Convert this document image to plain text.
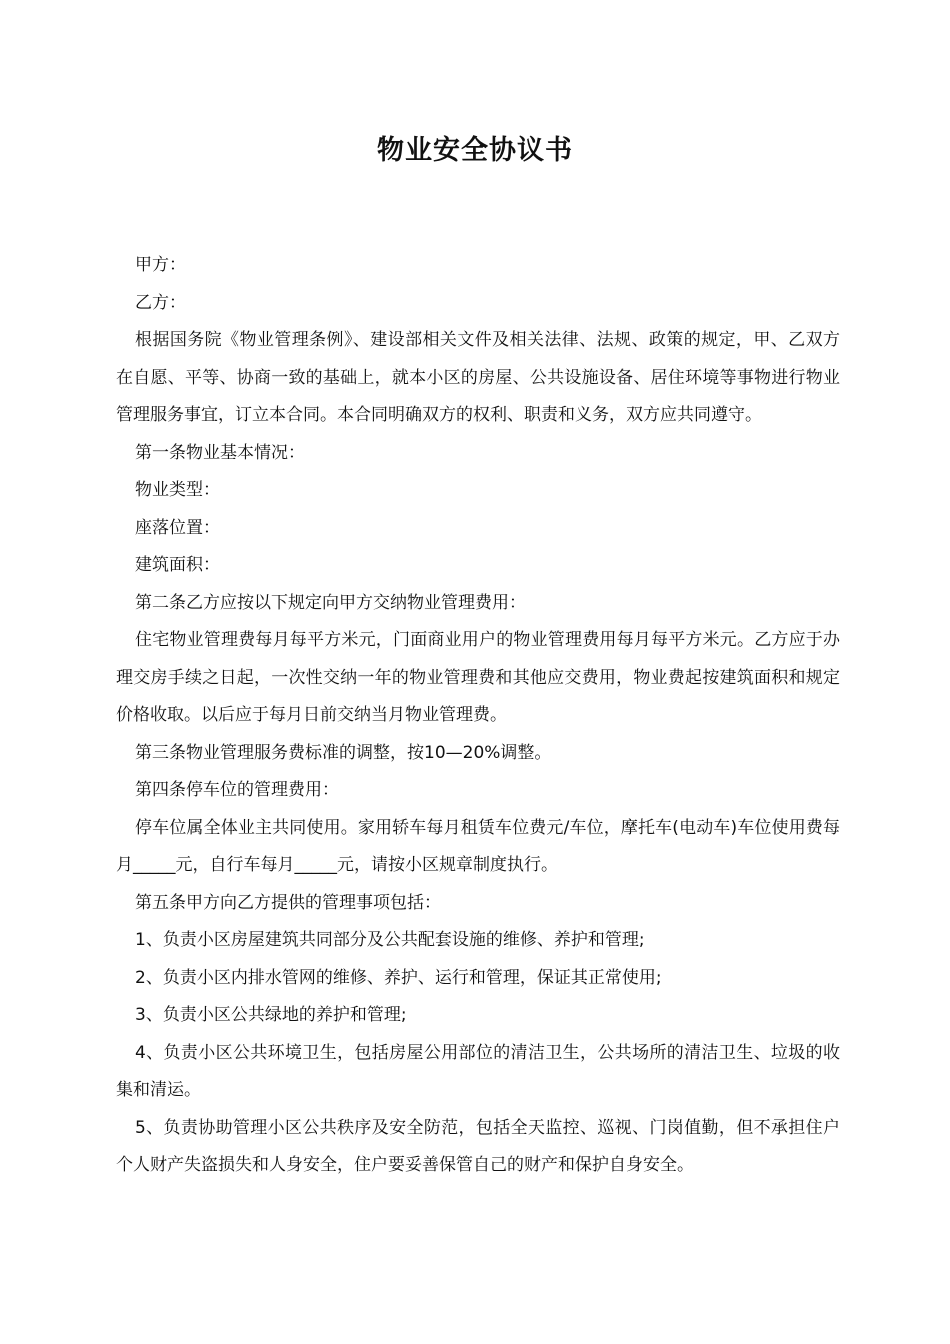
物业安全协议书

甲方：

乙方：

根据国务院《物业管理条例》、建设部相关文件及相关法律、法规、政策的规定，甲、乙双方在自愿、平等、协商一致的基础上，就本小区的房屋、公共设施设备、居住环境等事物进行物业管理服务事宜，订立本合同。本合同明确双方的权利、职责和义务，双方应共同遵守。

第一条物业基本情况：

物业类型：

座落位置：

建筑面积：

第二条乙方应按以下规定向甲方交纳物业管理费用：

住宅物业管理费每月每平方米元，门面商业用户的物业管理费用每月每平方米元。乙方应于办理交房手续之日起，一次性交纳一年的物业管理费和其他应交费用，物业费起按建筑面积和规定价格收取。以后应于每月日前交纳当月物业管理费。

第三条物业管理服务费标准的调整，按10—20%调整。

第四条停车位的管理费用：

停车位属全体业主共同使用。家用轿车每月租赁车位费元/车位，摩托车(电动车)车位使用费每月_____元，自行车每月_____元，请按小区规章制度执行。

第五条甲方向乙方提供的管理事项包括：

1、负责小区房屋建筑共同部分及公共配套设施的维修、养护和管理;

2、负责小区内排水管网的维修、养护、运行和管理，保证其正常使用;

3、负责小区公共绿地的养护和管理;

4、负责小区公共环境卫生，包括房屋公用部位的清洁卫生，公共场所的清洁卫生、垃圾的收集和清运。

5、负责协助管理小区公共秩序及安全防范，包括全天监控、巡视、门岗值勤，但不承担住户个人财产失盗损失和人身安全，住户要妥善保管自己的财产和保护自身安全。
